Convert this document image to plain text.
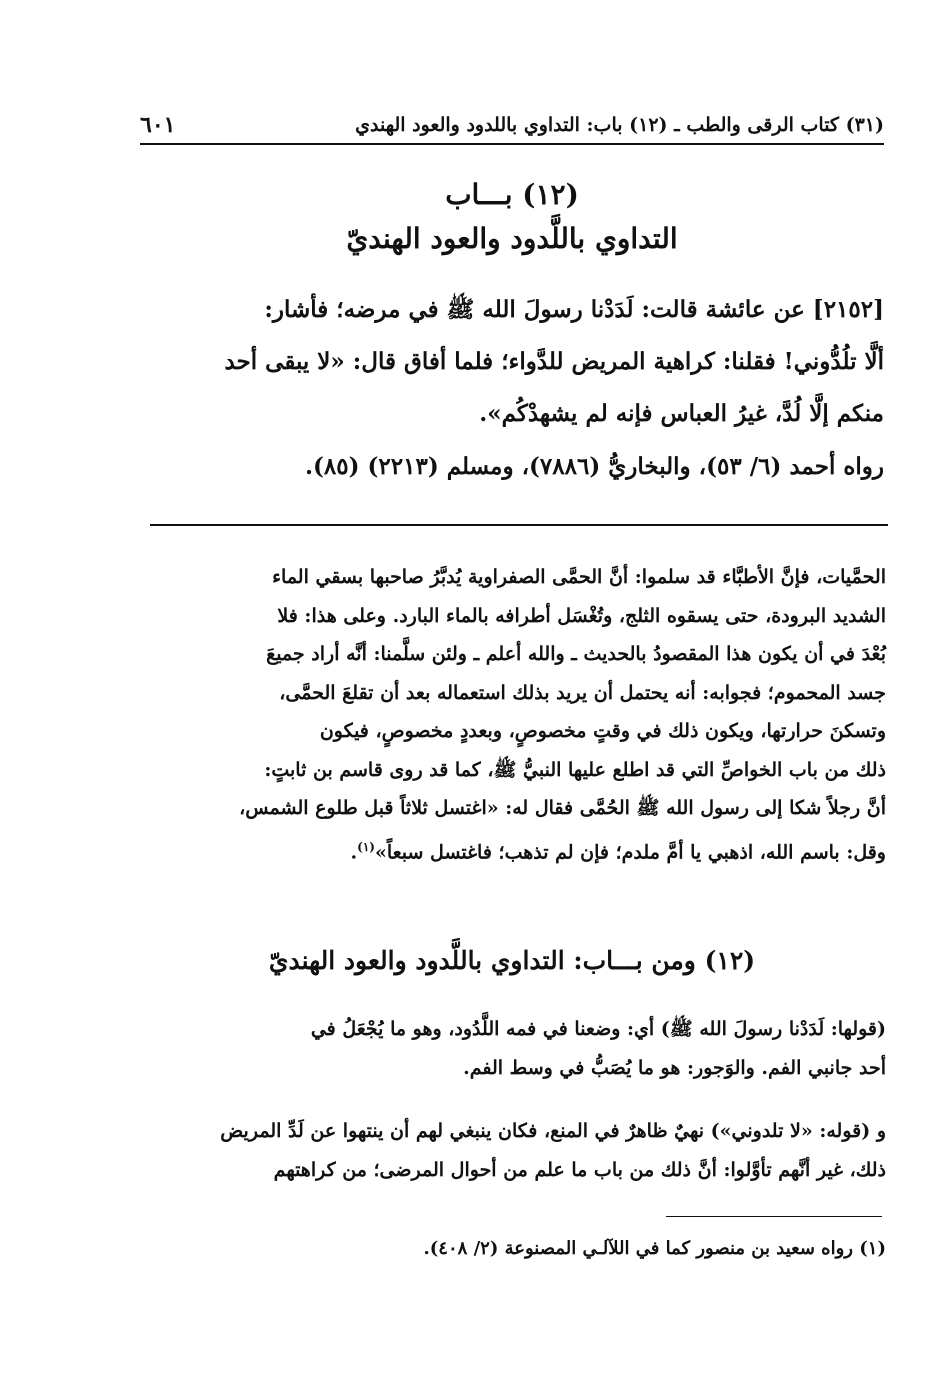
٦٠١	(٣١) كتاب الرقى والطب ـ (١٢) باب: التداوي باللدود والعود الهندي
(١٢) بـــاب
التداوي باللَّدود والعود الهنديّ
[٢١٥٢] عن عائشة قالت: لَدَدْنا رسولَ الله ﷺ في مرضه؛ فأشار:
ألَّا تلُدُّوني! فقلنا: كراهية المريض للدَّواء؛ فلما أفاق قال: «لا يبقى أحد
منكم إلَّا لُدَّ، غيرُ العباس فإنه لم يشهدْكُم».
رواه أحمد (٦/ ٥٣)، والبخاريُّ (٧٨٨٦)، ومسلم (٢٢١٣) (٨٥).
الحمَّيات، فإنَّ الأطبَّاء قد سلموا: أنَّ الحمَّى الصفراوية يُدبَّرُ صاحبها بسقي الماء
الشديد البرودة، حتى يسقوه الثلج، وتُغْسَل أطرافه بالماء البارد. وعلى هذا: فلا
بُعْدَ في أن يكون هذا المقصودُ بالحديث ـ والله أعلم ـ ولئن سلَّمنا: أنَّه أراد جميعَ
جسد المحموم؛ فجوابه: أنه يحتمل أن يريد بذلك استعماله بعد أن تقلعَ الحمَّى،
وتسكنَ حرارتها، ويكون ذلك في وقتٍ مخصوصٍ، وبعددٍ مخصوصٍ، فيكون
ذلك من باب الخواصِّ التي قد اطلع عليها النبيُّ ﷺ، كما قد روى قاسم بن ثابتٍ:
أنَّ رجلاً شكا إلى رسول الله ﷺ الحُمَّى فقال له: «اغتسل ثلاثاً قبل طلوع الشمس،
وقل: باسم الله، اذهبي يا أمَّ ملدم؛ فإن لم تذهب؛ فاغتسل سبعاً»$^{(١)}$.
(١٢) ومن بـــاب: التداوي باللَّدود والعود الهنديّ
(قولها: لَدَدْنا رسولَ الله ﷺ) أي: وضعنا في فمه اللَّدُود، وهو ما يُجْعَلُ في
أحد جانبي الفم. والوَجور: هو ما يُصَبُّ في وسط الفم.
و (قوله: «لا تلدوني») نهيٌ ظاهرٌ في المنع، فكان ينبغي لهم أن ينتهوا عن لَدِّ المريض
ذلك، غير أنَّهم تأوَّلوا: أنَّ ذلك من باب ما علم من أحوال المرضى؛ من كراهتهم
(١) رواه سعيد بن منصور كما في اللآلـي المصنوعة (٢/ ٤٠٨).
